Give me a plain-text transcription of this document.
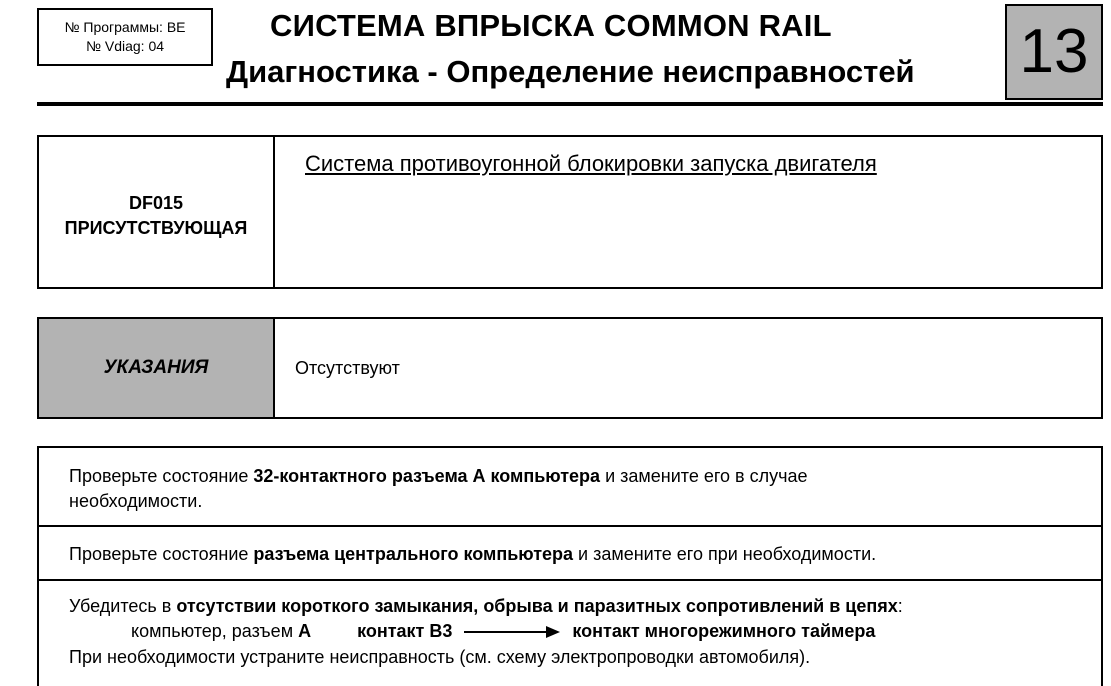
№ Программы: BE
№ Vdiag: 04
СИСТЕМА ВПРЫСКА COMMON RAIL
Диагностика - Определение неисправностей 13
DF015
ПРИСУТСТВУЮЩАЯ
Система противоугонной блокировки запуска двигателя
УКАЗАНИЯ	Отсутствуют
Проверьте состояние 32-контактного разъема А компьютера и замените его в случае
необходимости.
Проверьте состояние разъема центрального компьютера и замените его при необходимости.
Убедитесь в отсутствии короткого замыкания, обрыва и паразитных сопротивлений в цепях:
компьютер, разъем А	контакт В3	контакт многорежимного таймера
При необходимости устраните неисправность (см. схему электропроводки автомобиля).
